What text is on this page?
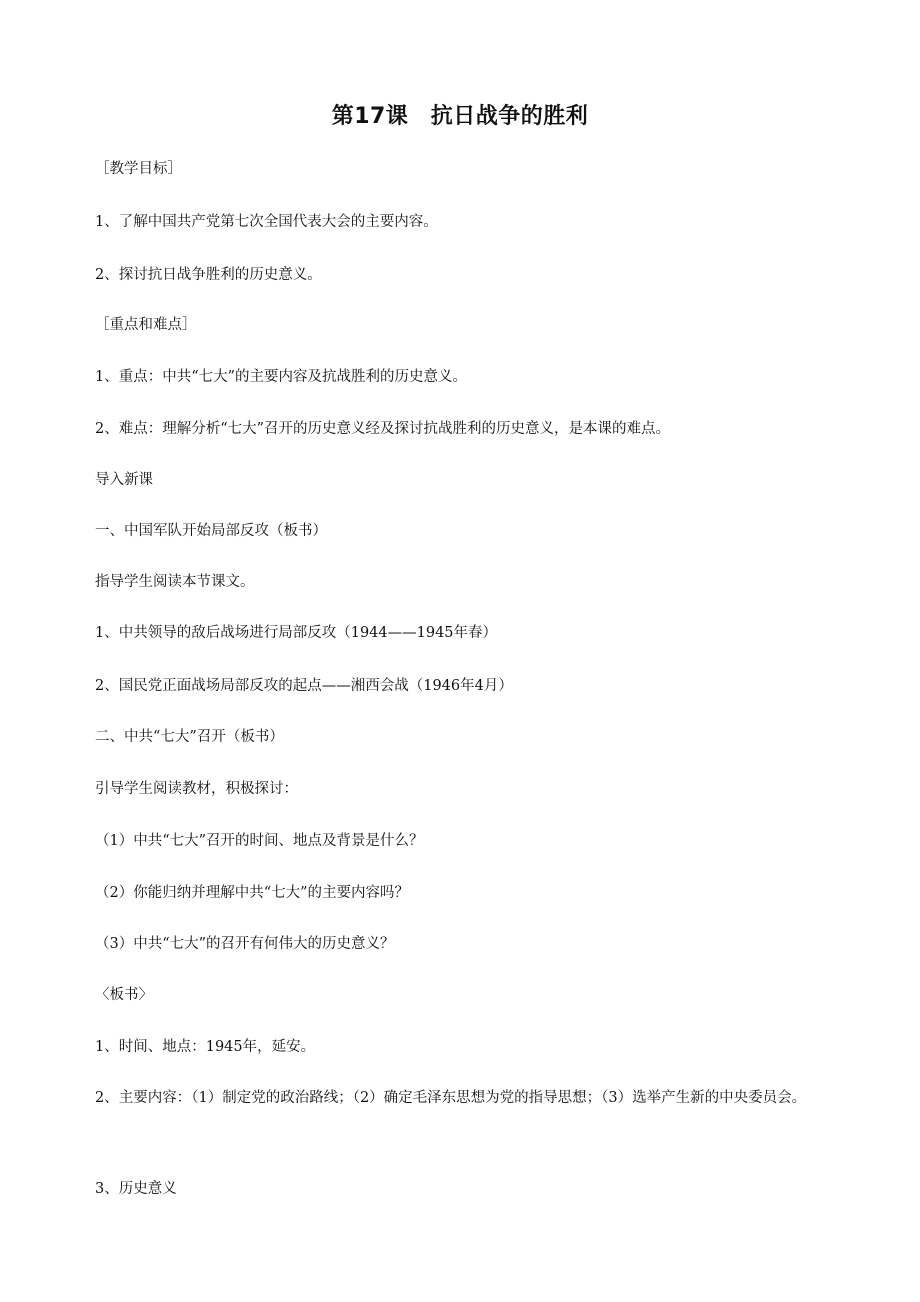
第17课　抗日战争的胜利

［教学目标］

1、了解中国共产党第七次全国代表大会的主要内容。

2、探讨抗日战争胜利的历史意义。

［重点和难点］

1、重点：中共“七大”的主要内容及抗战胜利的历史意义。

2、难点：理解分析“七大”召开的历史意义经及探讨抗战胜利的历史意义，是本课的难点。

导入新课

一、中国军队开始局部反攻（板书）

指导学生阅读本节课文。

1、中共领导的敌后战场进行局部反攻（1944——1945年春）

2、国民党正面战场局部反攻的起点——湘西会战（1946年4月）

二、中共“七大”召开（板书）

引导学生阅读教材，积极探讨：

（1）中共“七大”召开的时间、地点及背景是什么？

（2）你能归纳并理解中共“七大”的主要内容吗？

（3）中共“七大”的召开有何伟大的历史意义？

〈板书〉

1、时间、地点：1945年，延安。

2、主要内容：（1）制定党的政治路线；（2）确定毛泽东思想为党的指导思想；（3）选举产生新的中央委员会。

3、历史意义
